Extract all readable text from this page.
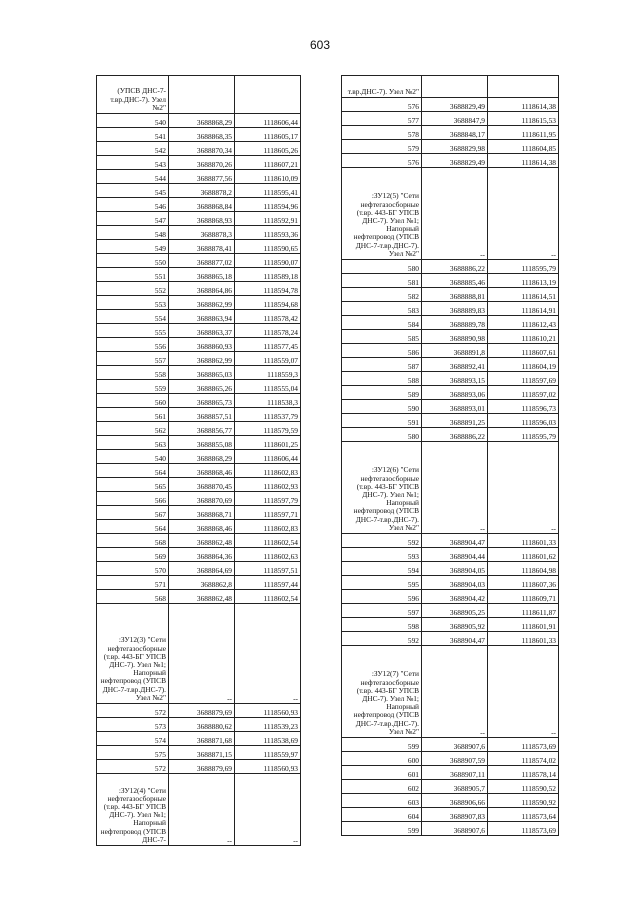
603
(УПСВ ДНС-7-т.вр.ДНС-7). Узел №2"		
540	3688868,29	1118606,44
541	3688868,35	1118605,17
542	3688870,34	1118605,26
543	3688870,26	1118607,21
544	3688877,56	1118610,09
545	3688878,2	1118595,41
546	3688868,84	1118594,96
547	3688868,93	1118592,91
548	3688878,3	1118593,36
549	3688878,41	1118590,65
550	3688877,02	1118590,07
551	3688865,18	1118589,18
552	3688864,86	1118594,78
553	3688862,99	1118594,68
554	3688863,94	1118578,42
555	3688863,37	1118578,24
556	3688860,93	1118577,45
557	3688862,99	1118559,07
558	3688865,03	1118559,3
559	3688865,26	1118555,04
560	3688865,73	1118538,3
561	3688857,51	1118537,79
562	3688856,77	1118579,59
563	3688855,08	1118601,25
540	3688868,29	1118606,44
564	3688868,46	1118602,83
565	3688870,45	1118602,93
566	3688870,69	1118597,79
567	3688868,71	1118597,71
564	3688868,46	1118602,83
568	3688862,48	1118602,54
569	3688864,36	1118602,63
570	3688864,69	1118597,51
571	3688862,8	1118597,44
568	3688862,48	1118602,54
:ЗУ12(3) "Сети нефтегазосборные (т.вр. 443-БГ УПСВ ДНС-7). Узел №1; Напорный нефтепровод (УПСВ ДНС-7-т.вр.ДНС-7). Узел №2"	--	--
572	3688879,69	1118560,93
573	3688880,62	1118539,23
574	3688871,68	1118538,69
575	3688871,15	1118559,97
572	3688879,69	1118560,93
:ЗУ12(4) "Сети нефтегазосборные (т.вр. 443-БГ УПСВ ДНС-7). Узел №1; Напорный нефтепровод (УПСВ ДНС-7-	--	--
т.вр.ДНС-7). Узел №2"		
576	3688829,49	1118614,38
577	3688847,9	1118615,53
578	3688848,17	1118611,95
579	3688829,98	1118604,85
576	3688829,49	1118614,38
:ЗУ12(5) "Сети нефтегазосборные (т.вр. 443-БГ УПСВ ДНС-7). Узел №1; Напорный нефтепровод (УПСВ ДНС-7-т.вр.ДНС-7). Узел №2"	--	--
580	3688886,22	1118595,79
581	3688885,46	1118613,19
582	3688888,81	1118614,51
583	3688889,83	1118614,91
584	3688889,78	1118612,43
585	3688890,98	1118610,21
586	3688891,8	1118607,61
587	3688892,41	1118604,19
588	3688893,15	1118597,69
589	3688893,06	1118597,02
590	3688893,01	1118596,73
591	3688891,25	1118596,03
580	3688886,22	1118595,79
:ЗУ12(6) "Сети нефтегазосборные (т.вр. 443-БГ УПСВ ДНС-7). Узел №1; Напорный нефтепровод (УПСВ ДНС-7-т.вр.ДНС-7). Узел №2"	--	--
592	3688904,47	1118601,33
593	3688904,44	1118601,62
594	3688904,05	1118604,98
595	3688904,03	1118607,36
596	3688904,42	1118609,71
597	3688905,25	1118611,87
598	3688905,92	1118601,91
592	3688904,47	1118601,33
:ЗУ12(7) "Сети нефтегазосборные (т.вр. 443-БГ УПСВ ДНС-7). Узел №1; Напорный нефтепровод (УПСВ ДНС-7-т.вр.ДНС-7). Узел №2"	--	--
599	3688907,6	1118573,69
600	3688907,59	1118574,02
601	3688907,11	1118578,14
602	3688905,7	1118590,52
603	3688906,66	1118590,92
604	3688907,83	1118573,64
599	3688907,6	1118573,69
